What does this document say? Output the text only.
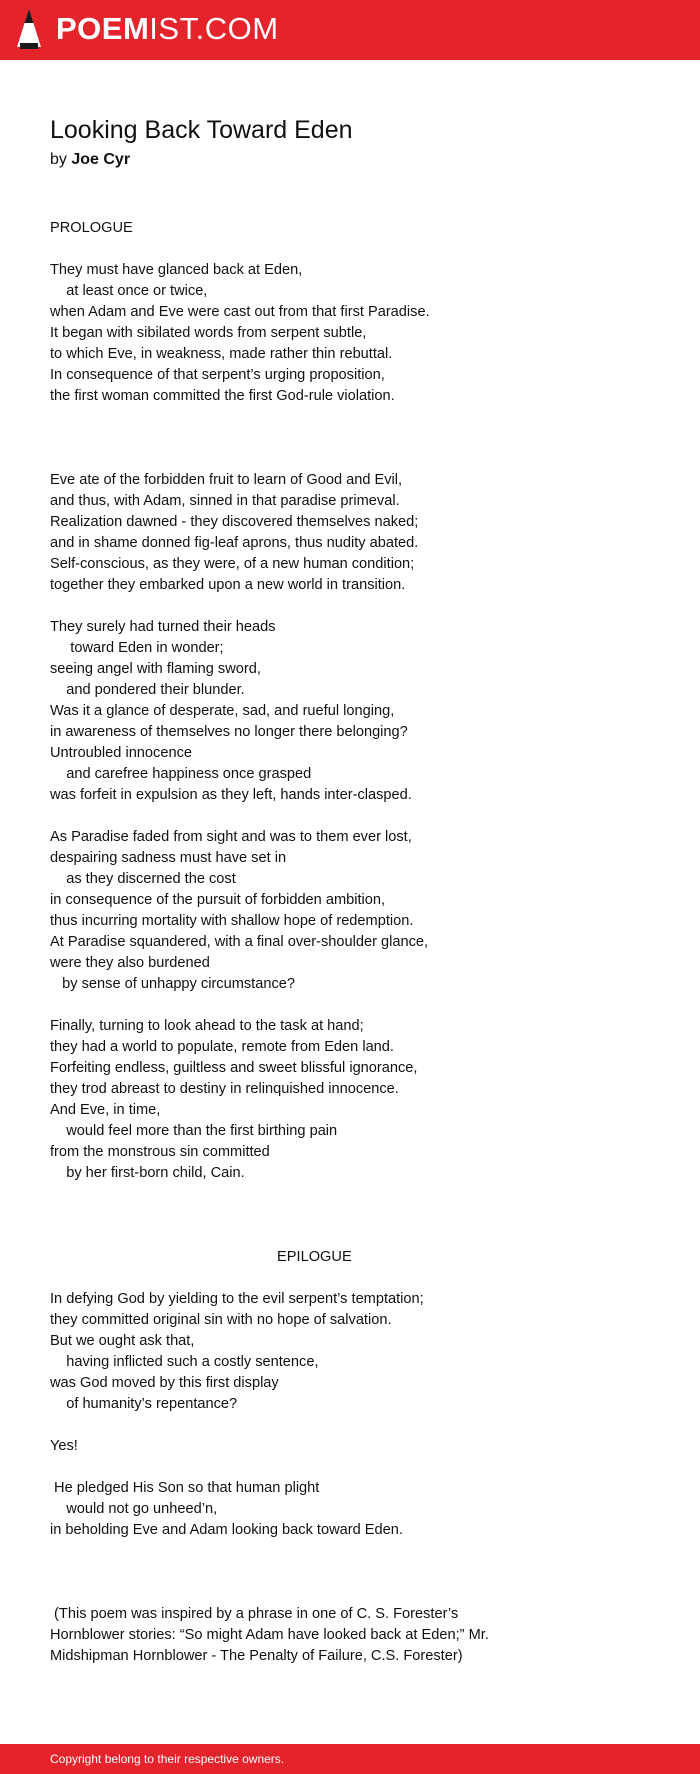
POEMIST.COM
Looking Back Toward Eden
by Joe Cyr
PROLOGUE
They must have glanced back at Eden,
at least once or twice,
when Adam and Eve were cast out from that first Paradise.
It began with sibilated words from serpent subtle,
to which Eve, in weakness, made rather thin rebuttal.
In consequence of that serpent’s urging proposition,
the first woman committed the first God-rule violation.

Eve ate of the forbidden fruit to learn of Good and Evil,
and thus, with Adam, sinned in that paradise primeval.
Realization dawned - they discovered themselves naked;
and in shame donned fig-leaf aprons, thus nudity abated.
Self-conscious, as they were, of a new human condition;
together they embarked upon a new world in transition.
They surely had turned their heads
toward Eden in wonder;
seeing angel with flaming sword,
and pondered their blunder.
Was it a glance of desperate, sad, and rueful longing,
in awareness of themselves no longer there belonging?
Untroubled innocence
and carefree happiness once grasped
was forfeit in expulsion as they left, hands inter-clasped.
As Paradise faded from sight and was to them ever lost,
despairing sadness must have set in
as they discerned the cost
in consequence of the pursuit of forbidden ambition,
thus incurring mortality with shallow hope of redemption.
At Paradise squandered, with a final over-shoulder glance,
were they also burdened
by sense of unhappy circumstance?
Finally, turning to look ahead to the task at hand;
they had a world to populate, remote from Eden land.
Forfeiting endless, guiltless and sweet blissful ignorance,
they trod abreast to destiny in relinquished innocence.
And Eve, in time,
would feel more than the first birthing pain
from the monstrous sin committed
by her first-born child, Cain.

EPILOGUE
In defying God by yielding to the evil serpent’s temptation;
they committed original sin with no hope of salvation.
But we ought ask that,
having inflicted such a costly sentence,
was God moved by this first display
of humanity’s repentance?
Yes!
He pledged His Son so that human plight
would not go unheed’n,
in beholding Eve and Adam looking back toward Eden.

(This poem was inspired by a phrase in one of C. S. Forester’s
Hornblower stories: “So might Adam have looked back at Eden;” Mr.
Midshipman Hornblower - The Penalty of Failure, C.S. Forester)
Copyright belong to their respective owners.
